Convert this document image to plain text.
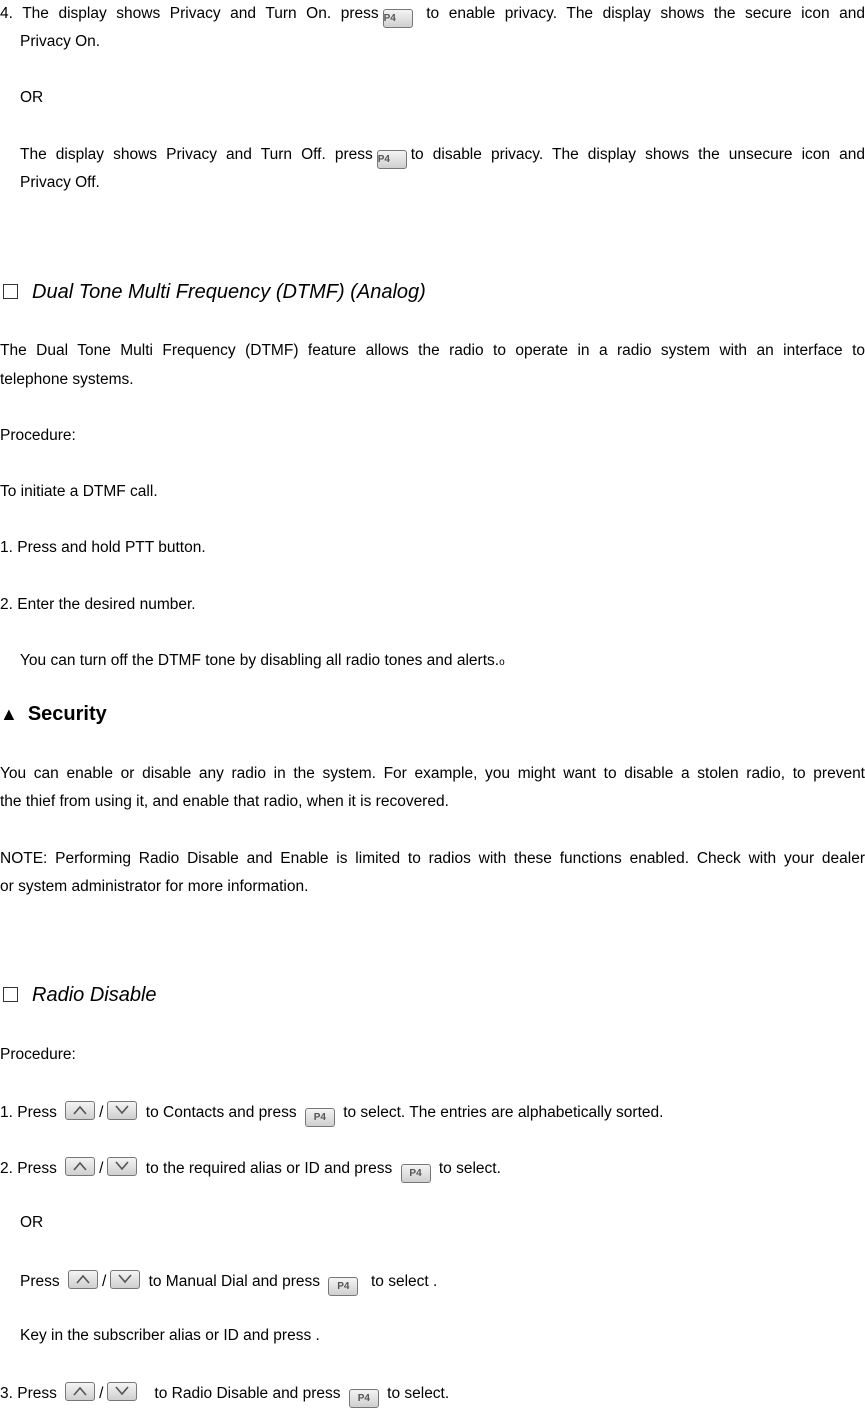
4. The display shows Privacy and Turn On. press P4 to enable privacy. The display shows the secure icon and
Privacy On.
OR
The display shows Privacy and Turn Off. press P4 to disable privacy. The display shows the unsecure icon and
Privacy Off.
Dual Tone Multi Frequency (DTMF) (Analog)
The Dual Tone Multi Frequency (DTMF) feature allows the radio to operate in a radio system with an interface to
telephone systems.
Procedure:
To initiate a DTMF call.
1. Press and hold PTT button.
2. Enter the desired number.
You can turn off the DTMF tone by disabling all radio tones and alerts.o
▲ Security
You can enable or disable any radio in the system. For example, you might want to disable a stolen radio, to prevent
the thief from using it, and enable that radio, when it is recovered.
NOTE: Performing Radio Disable and Enable is limited to radios with these functions enabled. Check with your dealer
or system administrator for more information.
Radio Disable
Procedure:
1. Press	/	to Contacts and press P4 to select. The entries are alphabetically sorted.
2. Press	/	to the required alias or ID and press P4 to select.
OR
Press	/	to Manual Dial and press P4 to select .
Key in the subscriber alias or ID and press .
3. Press	/	to Radio Disable and press P4 to select.
